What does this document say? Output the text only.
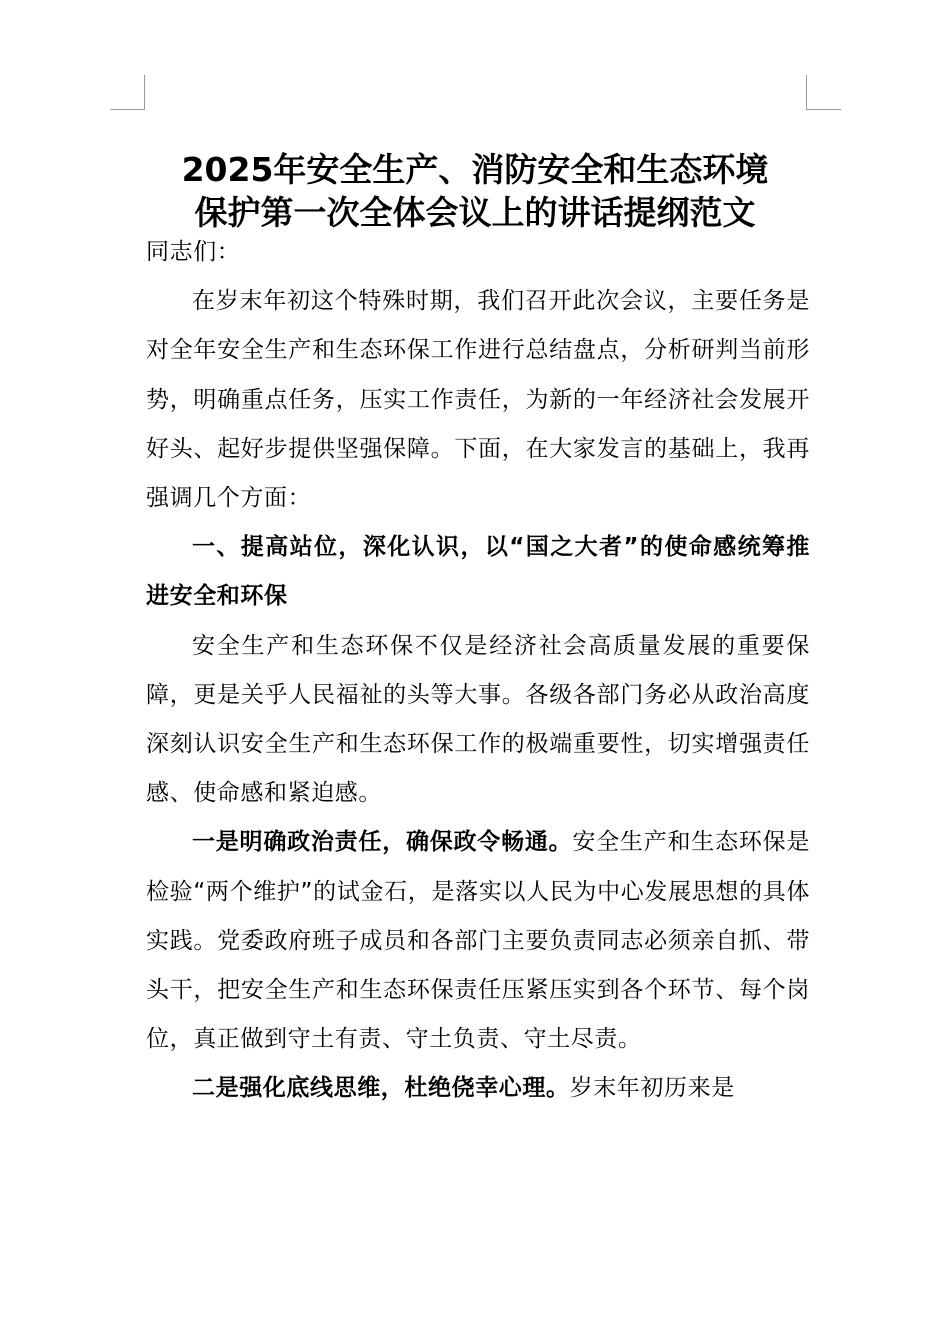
2025年安全生产、消防安全和生态环境
保护第一次全体会议上的讲话提纲范文

同志们：

在岁末年初这个特殊时期，我们召开此次会议，主要任务是对全年安全生产和生态环保工作进行总结盘点，分析研判当前形势，明确重点任务，压实工作责任，为新的一年经济社会发展开好头、起好步提供坚强保障。下面，在大家发言的基础上，我再强调几个方面：

一、提高站位，深化认识，以“国之大者”的使命感统筹推进安全和环保

安全生产和生态环保不仅是经济社会高质量发展的重要保障，更是关乎人民福祉的头等大事。各级各部门务必从政治高度深刻认识安全生产和生态环保工作的极端重要性，切实增强责任感、使命感和紧迫感。

一是明确政治责任，确保政令畅通。安全生产和生态环保是检验“两个维护”的试金石，是落实以人民为中心发展思想的具体实践。党委政府班子成员和各部门主要负责同志必须亲自抓、带头干，把安全生产和生态环保责任压紧压实到各个环节、每个岗位，真正做到守土有责、守土负责、守土尽责。

二是强化底线思维，杜绝侥幸心理。岁末年初历来是
